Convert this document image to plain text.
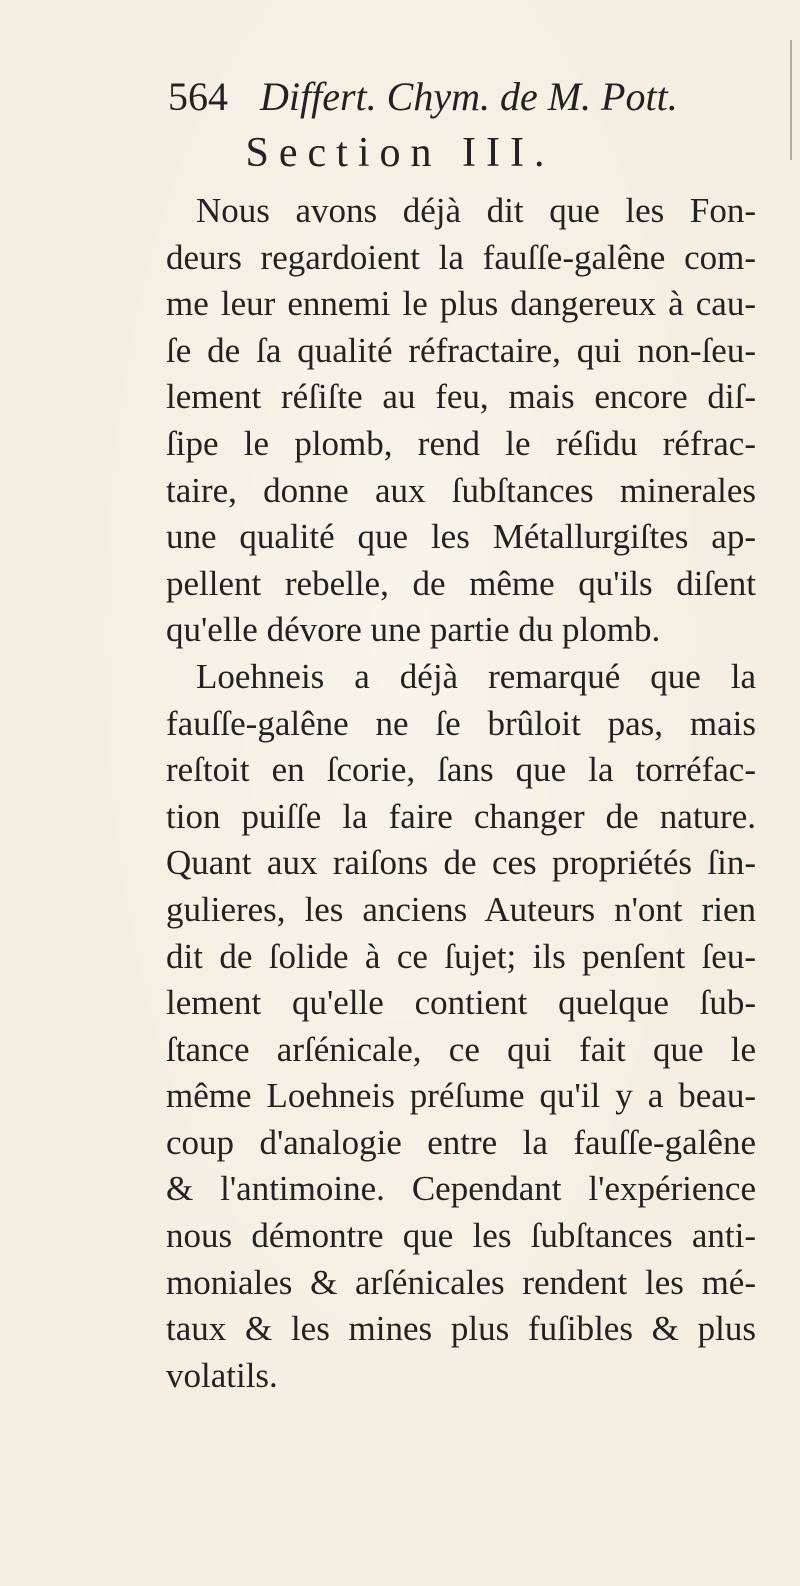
564 Differt. Chym. de M. Pott.
Section III.
Nous avons déjà dit que les Fon-
deurs regardoient la fauſſe-galêne com-
me leur ennemi le plus dangereux à cau-
ſe de ſa qualité réfractaire, qui non-ſeu-
lement réſiſte au feu, mais encore diſ-
ſipe le plomb, rend le réſidu réfrac-
taire, donne aux ſubſtances minerales
une qualité que les Métallurgiſtes ap-
pellent rebelle, de même qu'ils diſent
qu'elle dévore une partie du plomb.
Loehneis a déjà remarqué que la
fauſſe-galêne ne ſe brûloit pas, mais
reſtoit en ſcorie, ſans que la torréfac-
tion puiſſe la faire changer de nature.
Quant aux raiſons de ces propriétés ſin-
gulieres, les anciens Auteurs n'ont rien
dit de ſolide à ce ſujet; ils penſent ſeu-
lement qu'elle contient quelque ſub-
ſtance arſénicale, ce qui fait que le
même Loehneis préſume qu'il y a beau-
coup d'analogie entre la fauſſe-galêne
& l'antimoine. Cependant l'expérience
nous démontre que les ſubſtances anti-
moniales & arſénicales rendent les mé-
taux & les mines plus fuſibles & plus
volatils.
